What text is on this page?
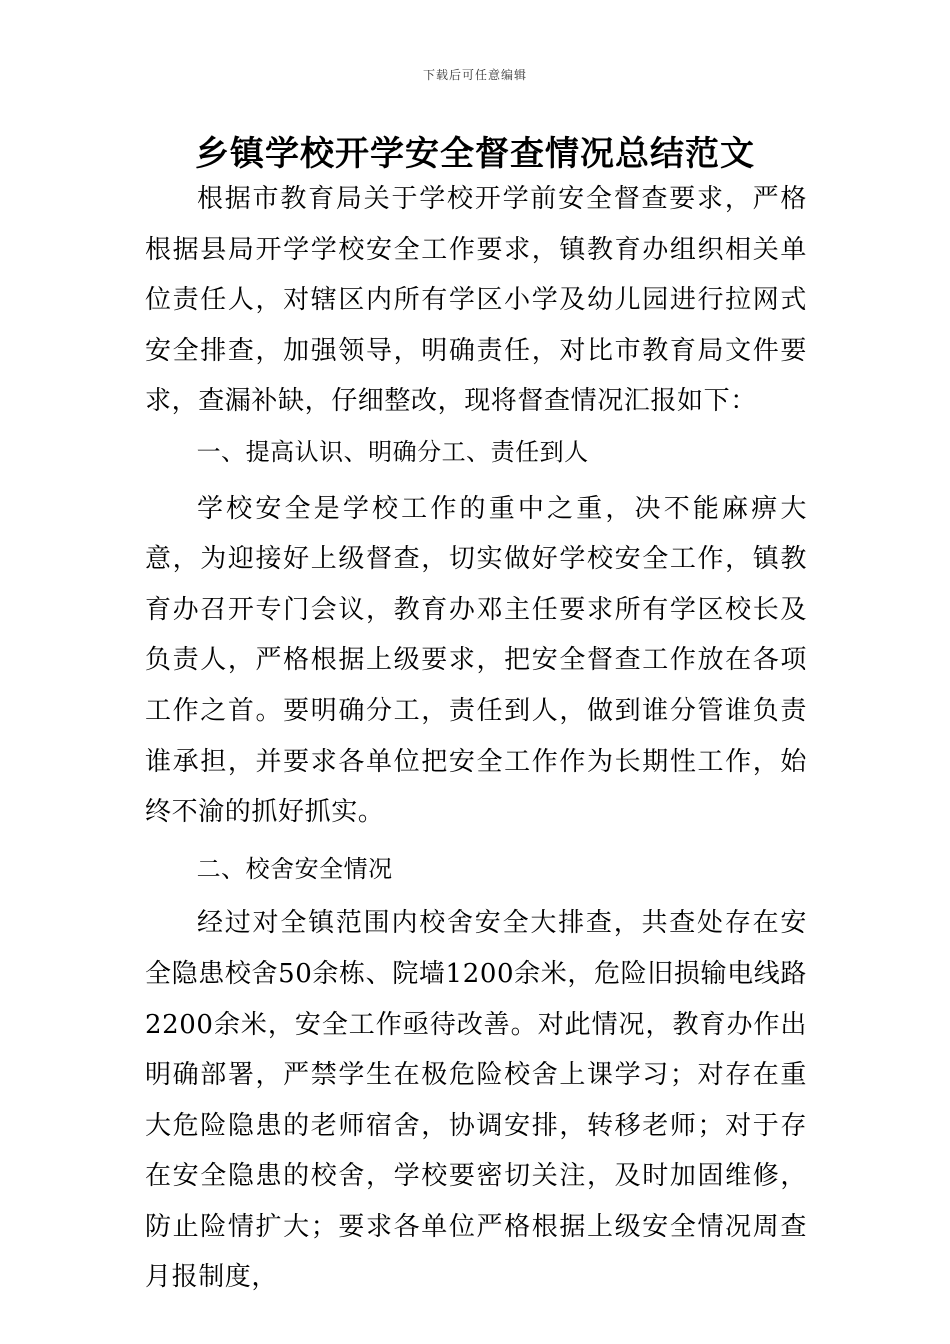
下载后可任意编辑
乡镇学校开学安全督查情况总结范文

根据市教育局关于学校开学前安全督查要求，严格根据县局开学学校安全工作要求，镇教育办组织相关单位责任人，对辖区内所有学区小学及幼儿园进行拉网式安全排查，加强领导，明确责任，对比市教育局文件要求，查漏补缺，仔细整改，现将督查情况汇报如下：

一、提高认识、明确分工、责任到人

学校安全是学校工作的重中之重，决不能麻痹大意，为迎接好上级督查，切实做好学校安全工作，镇教育办召开专门会议，教育办邓主任要求所有学区校长及负责人，严格根据上级要求，把安全督查工作放在各项工作之首。要明确分工，责任到人，做到谁分管谁负责谁承担，并要求各单位把安全工作作为长期性工作，始终不渝的抓好抓实。

二、校舍安全情况

经过对全镇范围内校舍安全大排查，共查处存在安全隐患校舍50余栋、院墙1200余米，危险旧损输电线路2200余米，安全工作亟待改善。对此情况，教育办作出明确部署，严禁学生在极危险校舍上课学习；对存在重大危险隐患的老师宿舍，协调安排，转移老师；对于存在安全隐患的校舍，学校要密切关注，及时加固维修，防止险情扩大；要求各单位严格根据上级安全情况周查月报制度，
